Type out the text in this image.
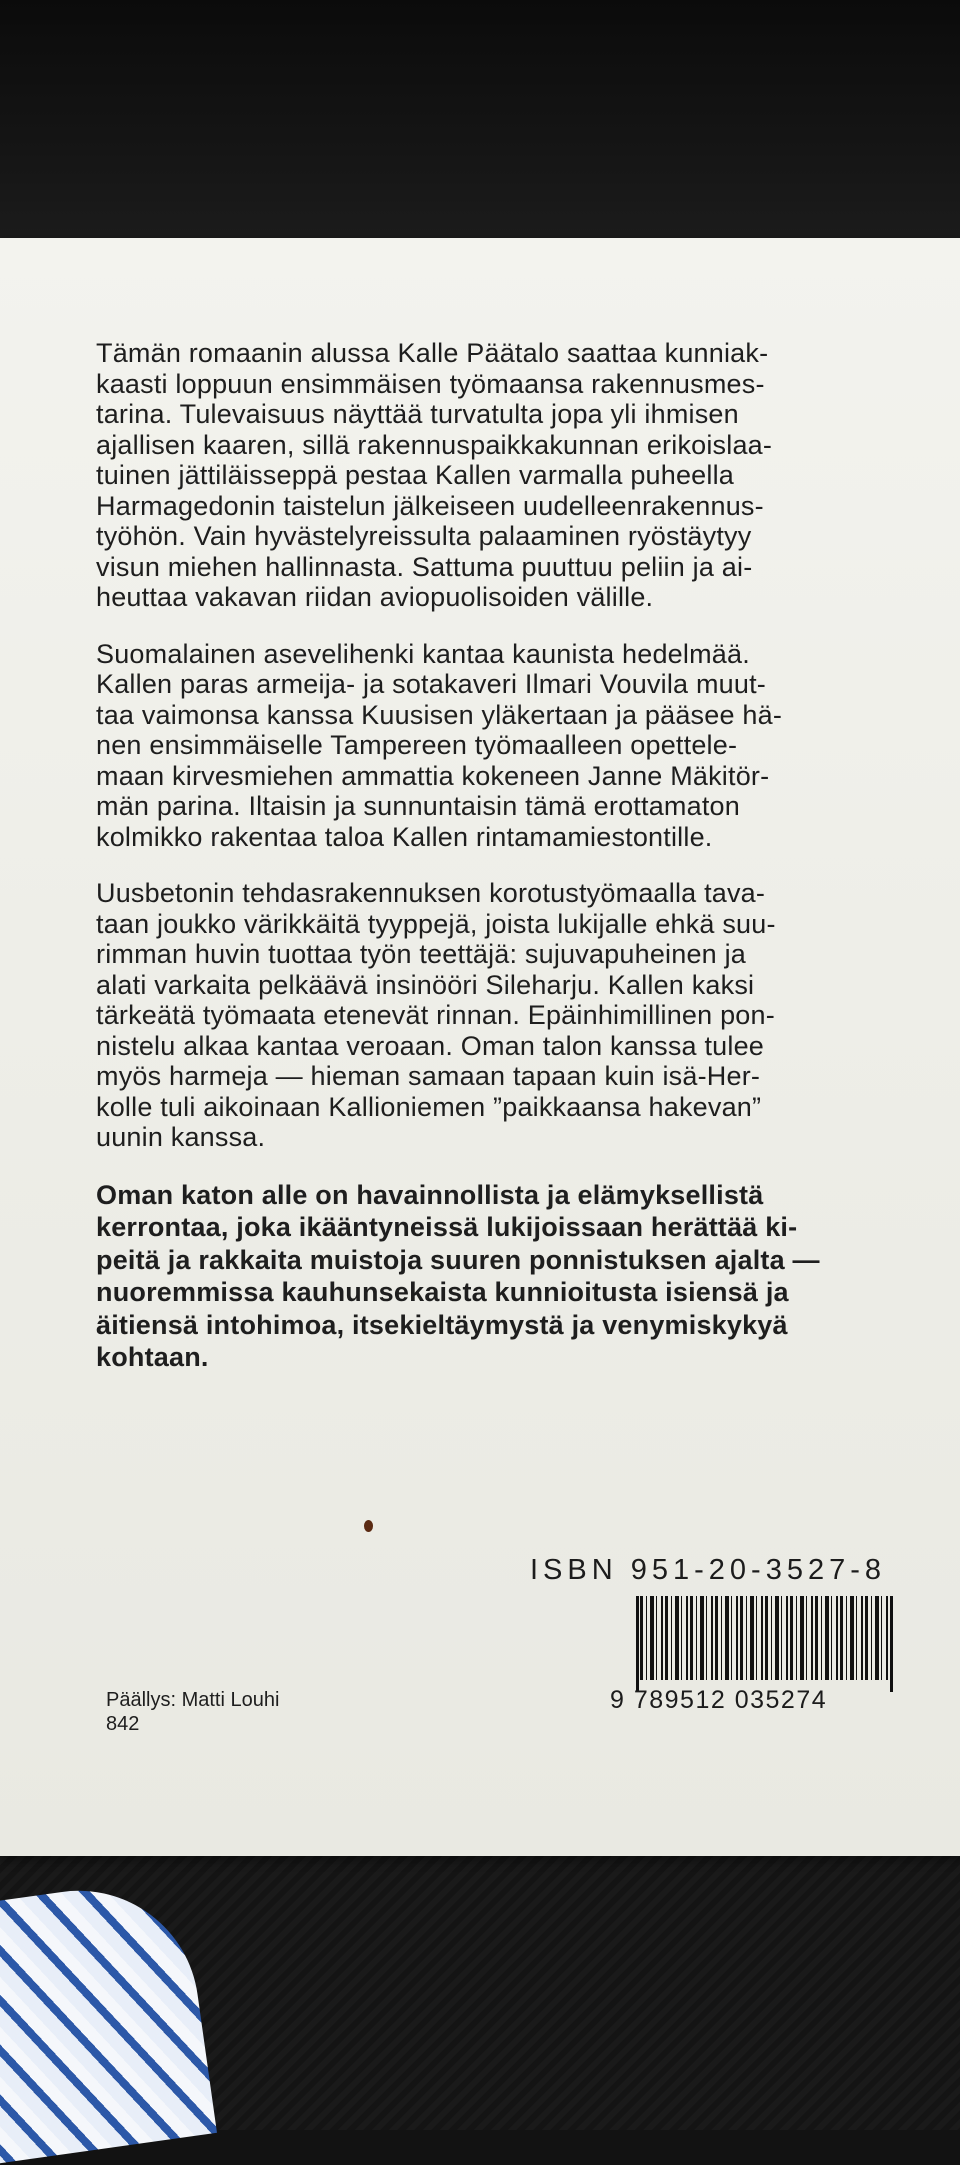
Tämän romaanin alussa Kalle Päätalo saattaa kunniak-
kaasti loppuun ensimmäisen työmaansa rakennusmes-
tarina. Tulevaisuus näyttää turvatulta jopa yli ihmisen
ajallisen kaaren, sillä rakennuspaikkakunnan erikoislaa-
tuinen jättiläisseppä pestaa Kallen varmalla puheella
Harmagedonin taistelun jälkeiseen uudelleenrakennus-
työhön. Vain hyvästelyreissulta palaaminen ryöstäytyy
visun miehen hallinnasta. Sattuma puuttuu peliin ja ai-
heuttaa vakavan riidan aviopuolisoiden välille.

Suomalainen asevelihenki kantaa kaunista hedelmää.
Kallen paras armeija- ja sotakaveri Ilmari Vouvila muut-
taa vaimonsa kanssa Kuusisen yläkertaan ja pääsee hä-
nen ensimmäiselle Tampereen työmaalleen opettele-
maan kirvesmiehen ammattia kokeneen Janne Mäkitör-
män parina. Iltaisin ja sunnuntaisin tämä erottamaton
kolmikko rakentaa taloa Kallen rintamamiestontille.

Uusbetonin tehdasrakennuksen korotustyömaalla tava-
taan joukko värikkäitä tyyppejä, joista lukijalle ehkä suu-
rimman huvin tuottaa työn teettäjä: sujuvapuheinen ja
alati varkaita pelkäävä insinööri Sileharju. Kallen kaksi
tärkeätä työmaata etenevät rinnan. Epäinhimillinen pon-
nistelu alkaa kantaa veroaan. Oman talon kanssa tulee
myös harmeja — hieman samaan tapaan kuin isä-Her-
kolle tuli aikoinaan Kallioniemen ”paikkaansa hakevan”
uunin kanssa.

Oman katon alle on havainnollista ja elämyksellistä
kerrontaa, joka ikääntyneissä lukijoissaan herättää ki-
peitä ja rakkaita muistoja suuren ponnistuksen ajalta —
nuoremmissa kauhunsekaista kunnioitusta isiensä ja
äitiensä intohimoa, itsekieltäymystä ja venymiskykyä
kohtaan.

ISBN 951-20-3527-8
9 789512 035274
Päällys: Matti Louhi
842
